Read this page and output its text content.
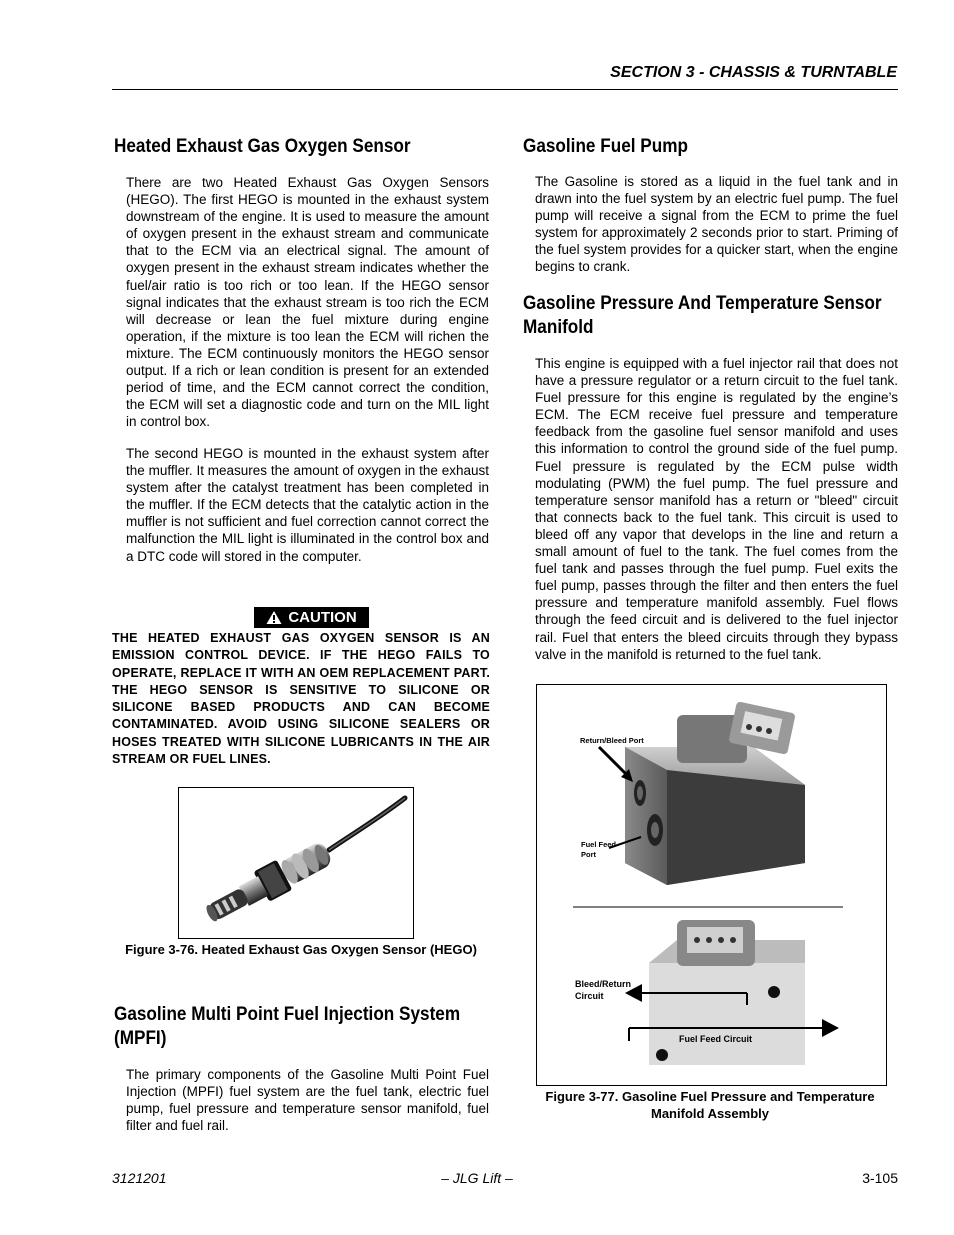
SECTION 3 - CHASSIS & TURNTABLE
Heated Exhaust Gas Oxygen Sensor

There are two Heated Exhaust Gas Oxygen Sensors (HEGO). The first HEGO is mounted in the exhaust system downstream of the engine. It is used to measure the amount of oxygen present in the exhaust stream and communicate that to the ECM via an electrical signal. The amount of oxygen present in the exhaust stream indicates whether the fuel/air ratio is too rich or too lean. If the HEGO sensor signal indicates that the exhaust stream is too rich the ECM will decrease or lean the fuel mixture during engine operation, if the mixture is too lean the ECM will richen the mixture. The ECM continuously monitors the HEGO sensor output. If a rich or lean condition is present for an extended period of time, and the ECM cannot correct the condition, the ECM will set a diagnostic code and turn on the MIL light in control box.

The second HEGO is mounted in the exhaust system after the muffler. It measures the amount of oxygen in the exhaust system after the catalyst treatment has been completed in the muffler. If the ECM detects that the catalytic action in the muffler is not sufficient and fuel correction cannot correct the malfunction the MIL light is illuminated in the control box and a DTC code will stored in the computer.

CAUTION

THE HEATED EXHAUST GAS OXYGEN SENSOR IS AN EMISSION CONTROL DEVICE. IF THE HEGO FAILS TO OPERATE, REPLACE IT WITH AN OEM REPLACEMENT PART. THE HEGO SENSOR IS SENSITIVE TO SILICONE OR SILICONE BASED PRODUCTS AND CAN BECOME CONTAMINATED. AVOID USING SILICONE SEALERS OR HOSES TREATED WITH SILICONE LUBRICANTS IN THE AIR STREAM OR FUEL LINES.

Figure 3-76. Heated Exhaust Gas Oxygen Sensor (HEGO)
Gasoline Multi Point Fuel Injection System
(MPFI)

The primary components of the Gasoline Multi Point Fuel Injection (MPFI) fuel system are the fuel tank, electric fuel pump, fuel pressure and temperature sensor manifold, fuel filter and fuel rail.

Gasoline Fuel Pump

The Gasoline is stored as a liquid in the fuel tank and in drawn into the fuel system by an electric fuel pump. The fuel pump will receive a signal from the ECM to prime the fuel system for approximately 2 seconds prior to start. Priming of the fuel system provides for a quicker start, when the engine begins to crank.

Gasoline Pressure And Temperature Sensor
Manifold

This engine is equipped with a fuel injector rail that does not have a pressure regulator or a return circuit to the fuel tank. Fuel pressure for this engine is regulated by the engine’s ECM. The ECM receive fuel pressure and temperature feedback from the gasoline fuel sensor manifold and uses this information to control the ground side of the fuel pump. Fuel pressure is regulated by the ECM pulse width modulating (PWM) the fuel pump. The fuel pressure and temperature sensor manifold has a return or "bleed" circuit that connects back to the fuel tank. This circuit is used to bleed off any vapor that develops in the line and return a small amount of fuel to the tank. The fuel comes from the fuel tank and passes through the fuel pump. Fuel exits the fuel pump, passes through the filter and then enters the fuel pressure and temperature manifold assembly. Fuel flows through the feed circuit and is delivered to the fuel injector rail. Fuel that enters the bleed circuits through they bypass valve in the manifold is returned to the fuel tank.

Figure 3-77. Gasoline Fuel Pressure and Temperature
Manifold Assembly
Return/Bleed Port
Fuel Feed
Port
Bleed/Return
Circuit
Fuel Feed Circuit
3121201	– JLG Lift –	3-105
